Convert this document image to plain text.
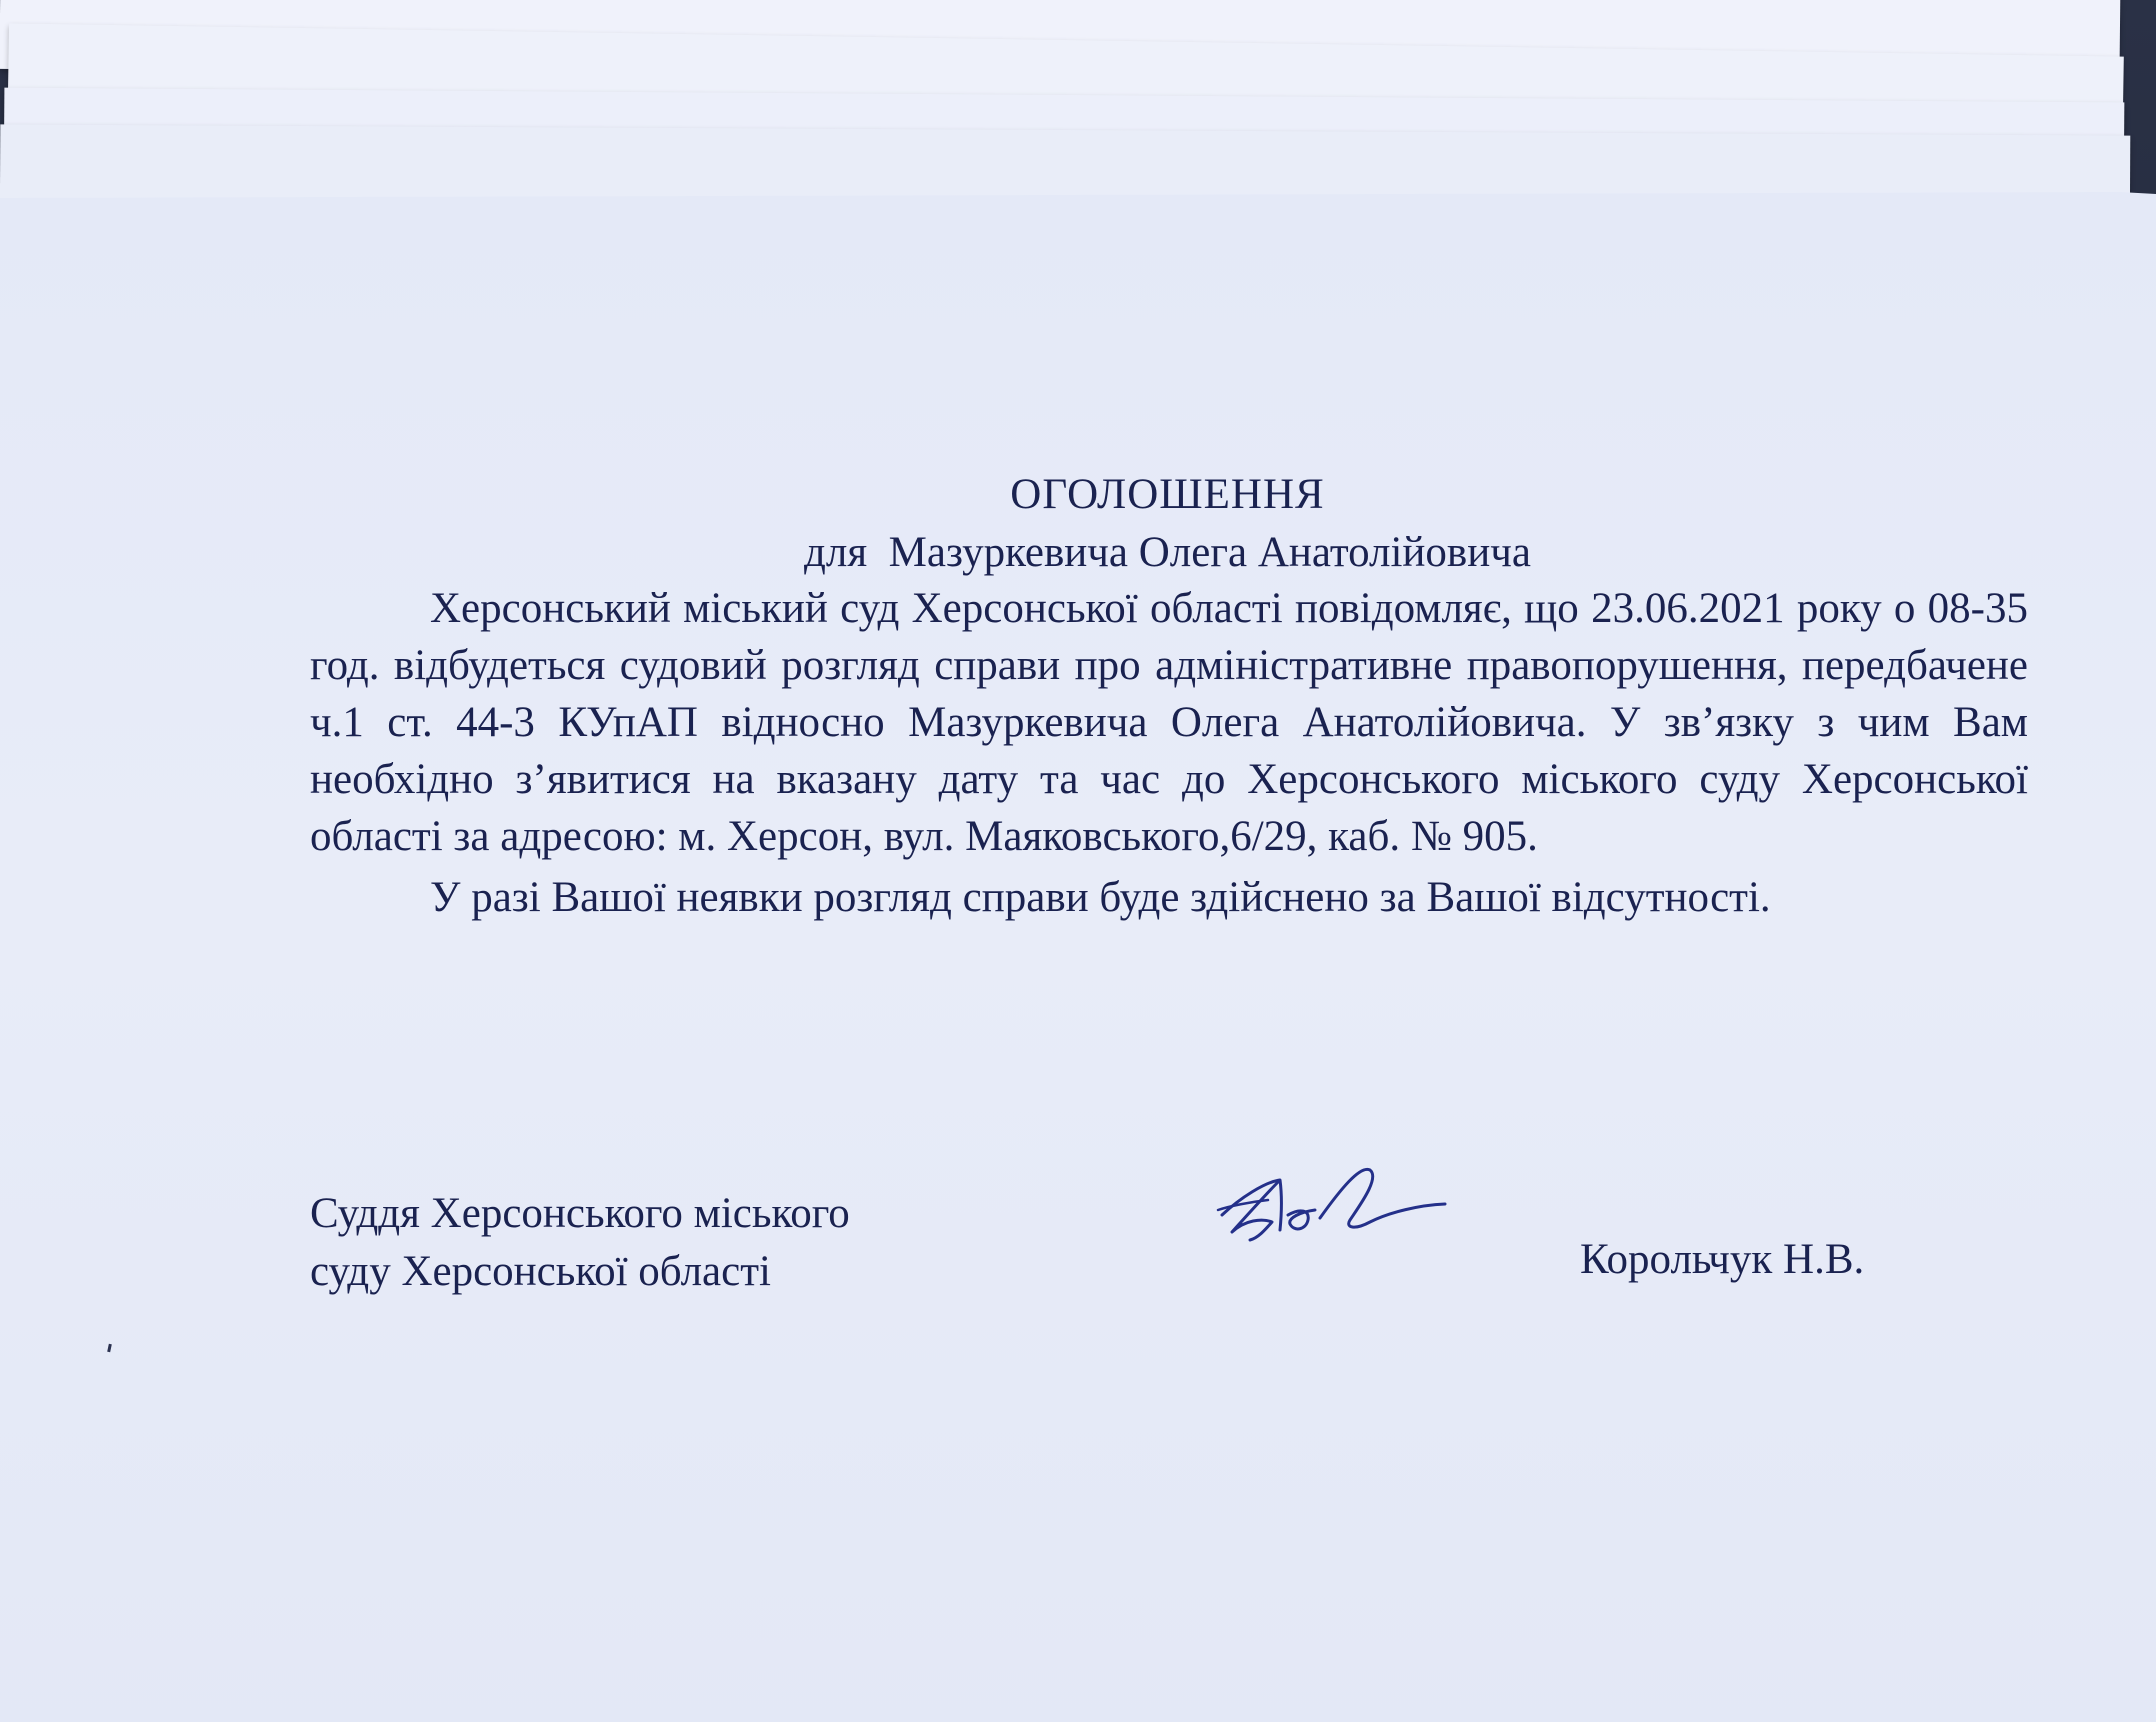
ОГОЛОШЕННЯ
для  Мазуркевича Олега Анатолійовича

Херсонський міський суд Херсонської області повідомляє, що 23.06.2021 року о 08-35 год. відбудеться судовий розгляд справи про адміністративне правопорушення, передбачене ч.1 ст. 44-3 КУпАП відносно Мазуркевича Олега Анатолійовича. У зв’язку з чим Вам необхідно з’явитися на вказану дату та час до Херсонського міського суду Херсонської області за адресою: м. Херсон, вул. Маяковського,6/29, каб. № 905.

У разі Вашої неявки розгляд справи буде здійснено за Вашої відсутності.

Суддя Херсонського міського
суду Херсонської області	Корольчук Н.В.
